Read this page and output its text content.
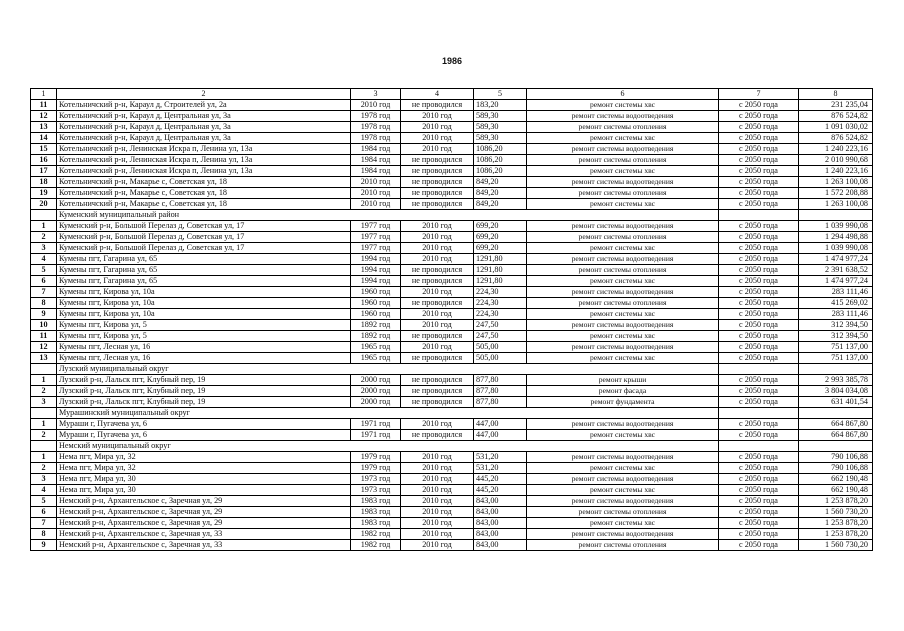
1986
1	2	3	4	5	6	7	8
11	Котельничский р-н, Караул д, Строителей ул, 2а	2010 год	не проводился	183,20	ремонт системы хвс	с 2050 года	231 235,04
12	Котельничский р-н, Караул д, Центральная ул, 3а	1978 год	2010 год	589,30	ремонт системы водоотведения	с 2050 года	876 524,82
13	Котельничский р-н, Караул д, Центральная ул, 3а	1978 год	2010 год	589,30	ремонт системы отопления	с 2050 года	1 091 030,02
14	Котельничский р-н, Караул д, Центральная ул, 3а	1978 год	2010 год	589,30	ремонт системы хвс	с 2050 года	876 524,82
15	Котельничский р-н, Ленинская Искра п, Ленина ул, 13а	1984 год	2010 год	1086,20	ремонт системы водоотведения	с 2050 года	1 240 223,16
16	Котельничский р-н, Ленинская Искра п, Ленина ул, 13а	1984 год	не проводился	1086,20	ремонт системы отопления	с 2050 года	2 010 990,68
17	Котельничский р-н, Ленинская Искра п, Ленина ул, 13а	1984 год	не проводился	1086,20	ремонт системы хвс	с 2050 года	1 240 223,16
18	Котельничский р-н, Макарье с, Советская ул, 18	2010 год	не проводился	849,20	ремонт системы водоотведения	с 2050 года	1 263 100,08
19	Котельничский р-н, Макарье с, Советская ул, 18	2010 год	не проводился	849,20	ремонт системы отопления	с 2050 года	1 572 208,88
20	Котельничский р-н, Макарье с, Советская ул, 18	2010 год	не проводился	849,20	ремонт системы хвс	с 2050 года	1 263 100,08
	Куменский муниципальный район						
1	Куменский р-н, Большой Перелаз д, Советская ул, 17	1977 год	2010 год	699,20	ремонт системы водоотведения	с 2050 года	1 039 990,08
2	Куменский р-н, Большой Перелаз д, Советская ул, 17	1977 год	2010 год	699,20	ремонт системы отопления	с 2050 года	1 294 498,88
3	Куменский р-н, Большой Перелаз д, Советская ул, 17	1977 год	2010 год	699,20	ремонт системы хвс	с 2050 года	1 039 990,08
4	Кумены пгт, Гагарина ул, 65	1994 год	2010 год	1291,80	ремонт системы водоотведения	с 2050 года	1 474 977,24
5	Кумены пгт, Гагарина ул, 65	1994 год	не проводился	1291,80	ремонт системы отопления	с 2050 года	2 391 638,52
6	Кумены пгт, Гагарина ул, 65	1994 год	не проводился	1291,80	ремонт системы хвс	с 2050 года	1 474 977,24
7	Кумены пгт, Кирова ул, 10а	1960 год	2010 год	224,30	ремонт системы водоотведения	с 2050 года	283 111,46
8	Кумены пгт, Кирова ул, 10а	1960 год	не проводился	224,30	ремонт системы отопления	с 2050 года	415 269,02
9	Кумены пгт, Кирова ул, 10а	1960 год	2010 год	224,30	ремонт системы хвс	с 2050 года	283 111,46
10	Кумены пгт, Кирова ул, 5	1892 год	2010 год	247,50	ремонт системы водоотведения	с 2050 года	312 394,50
11	Кумены пгт, Кирова ул, 5	1892 год	не проводился	247,50	ремонт системы хвс	с 2050 года	312 394,50
12	Кумены пгт, Лесная ул, 16	1965 год	2010 год	505,00	ремонт системы водоотведения	с 2050 года	751 137,00
13	Кумены пгт, Лесная ул, 16	1965 год	не проводился	505,00	ремонт системы хвс	с 2050 года	751 137,00
	Лузский муниципальный округ						
1	Лузский р-н, Лальск пгт, Клубный пер, 19	2000 год	не проводился	877,80	ремонт крыши	с 2050 года	2 993 385,78
2	Лузский р-н, Лальск пгт, Клубный пер, 19	2000 год	не проводился	877,80	ремонт фасада	с 2050 года	3 804 034,08
3	Лузский р-н, Лальск пгт, Клубный пер, 19	2000 год	не проводился	877,80	ремонт фундамента	с 2050 года	631 401,54
	Мурашинский муниципальный округ						
1	Мураши г, Пугачева ул, 6	1971 год	2010 год	447,00	ремонт системы водоотведения	с 2050 года	664 867,80
2	Мураши г, Пугачева ул, 6	1971 год	не проводился	447,00	ремонт системы хвс	с 2050 года	664 867,80
	Немский муниципальный округ						
1	Нема пгт, Мира ул, 32	1979 год	2010 год	531,20	ремонт системы водоотведения	с 2050 года	790 106,88
2	Нема пгт, Мира ул, 32	1979 год	2010 год	531,20	ремонт системы хвс	с 2050 года	790 106,88
3	Нема пгт, Мира ул, 30	1973 год	2010 год	445,20	ремонт системы водоотведения	с 2050 года	662 190,48
4	Нема пгт, Мира ул, 30	1973 год	2010 год	445,20	ремонт системы хвс	с 2050 года	662 190,48
5	Немский р-н, Архангельское с, Заречная ул, 29	1983 год	2010 год	843,00	ремонт системы водоотведения	с 2050 года	1 253 878,20
6	Немский р-н, Архангельское с, Заречная ул, 29	1983 год	2010 год	843,00	ремонт системы отопления	с 2050 года	1 560 730,20
7	Немский р-н, Архангельское с, Заречная ул, 29	1983 год	2010 год	843,00	ремонт системы хвс	с 2050 года	1 253 878,20
8	Немский р-н, Архангельское с, Заречная ул, 33	1982 год	2010 год	843,00	ремонт системы водоотведения	с 2050 года	1 253 878,20
9	Немский р-н, Архангельское с, Заречная ул, 33	1982 год	2010 год	843,00	ремонт системы отопления	с 2050 года	1 560 730,20
